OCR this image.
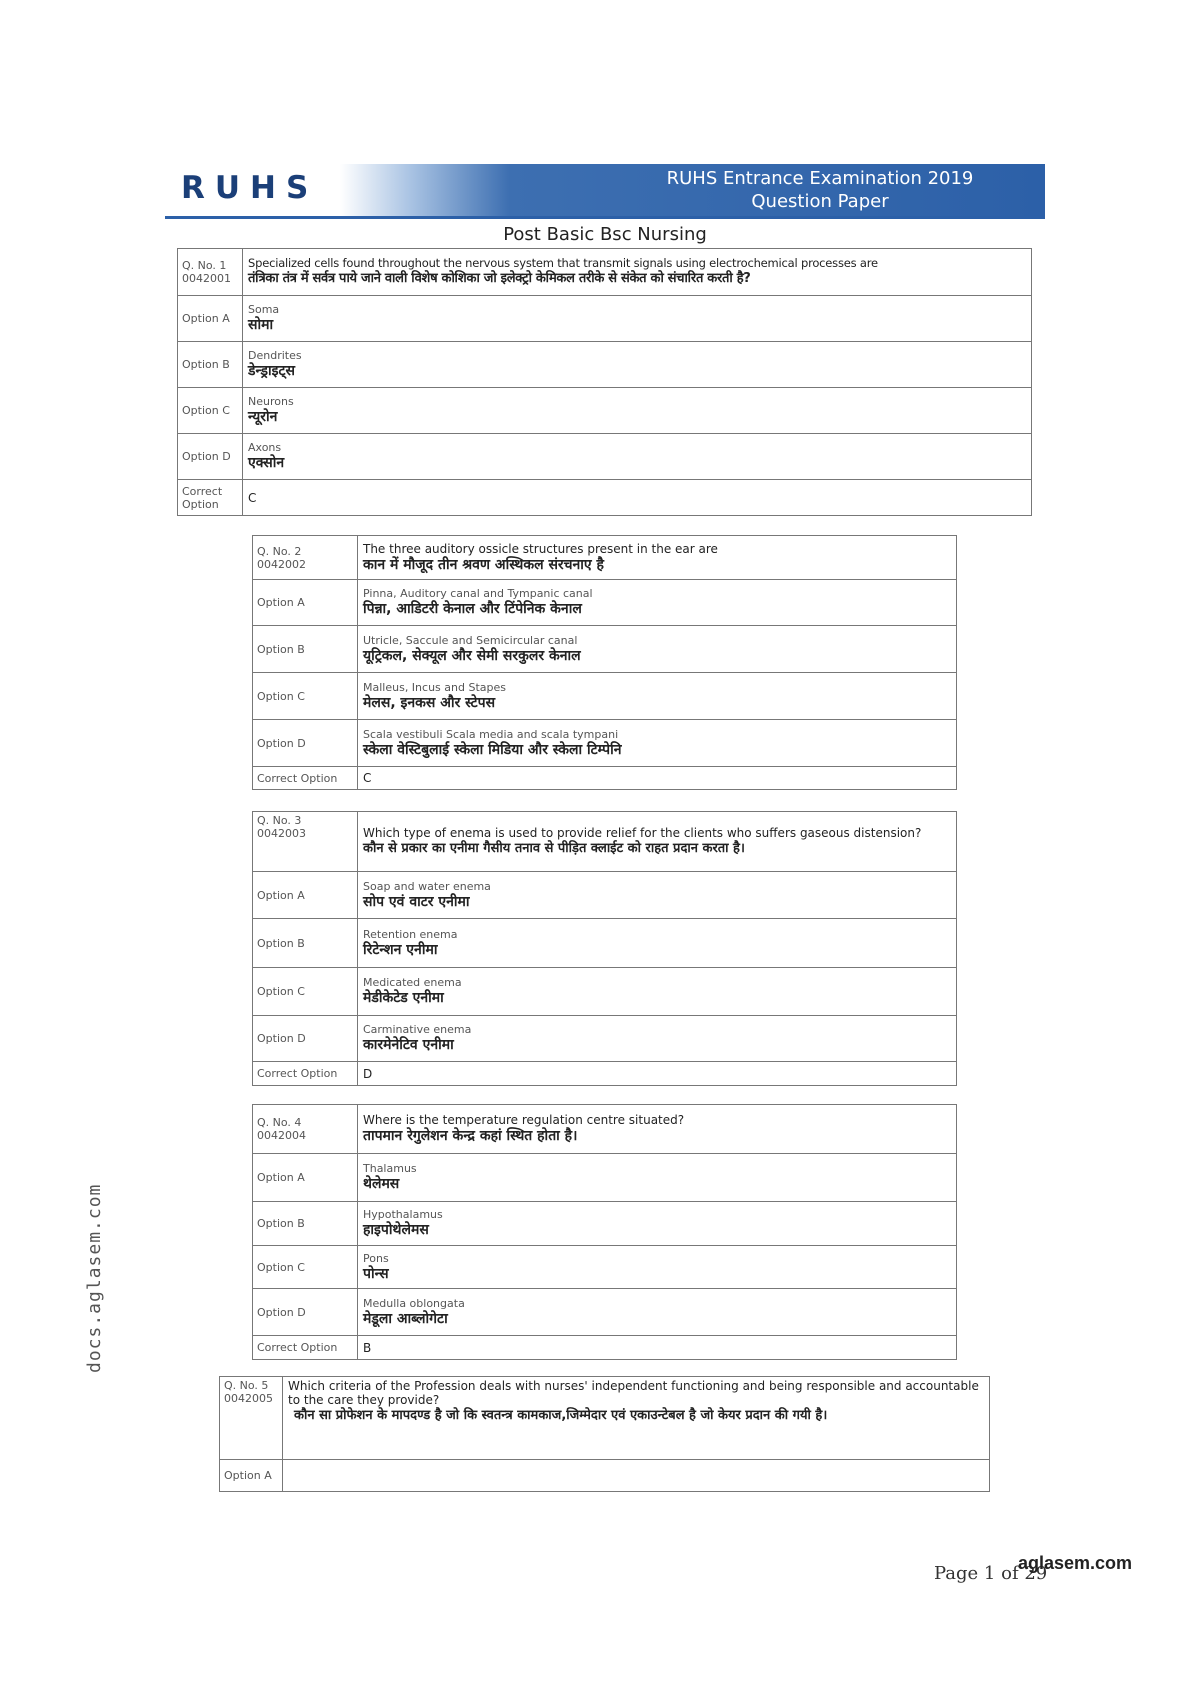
RUHS	RUHS Entrance Examination 2019
Question Paper
Post Basic Bsc Nursing
Q. No. 1
0042001	Specialized cells found throughout the nervous system that transmit signals using electrochemical processes are
तंत्रिका तंत्र में सर्वत्र पाये जाने वाली विशेष कोशिका जो इलेक्ट्रो केमिकल तरीके से संकेत को संचारित करती है?

Option A	Soma
सोमा

Option B	Dendrites
डेन्ड्राइट्स

Option C	Neurons
न्यूरोन

Option D	Axons
एक्सोन

Correct Option	C
Q. No. 2
0042002	The three auditory ossicle structures present in the ear are
कान में मौजूद तीन श्रवण अस्थिकल संरचनाए है

Option A	Pinna, Auditory canal and Tympanic canal
पिन्ना, आडिटरी केनाल और टिंपेनिक केनाल

Option B	Utricle, Saccule and Semicircular canal
यूट्रिकल, सेक्यूल और सेमी सरकुलर केनाल

Option C	Malleus, Incus and Stapes
मेलस, इनकस और स्टेपस

Option D	Scala vestibuli Scala media and scala tympani
स्केला वेस्टिबुलाई स्केला मिडिया और स्केला टिम्पेनि

Correct Option	C
Q. No. 3
0042003	Which type of enema is used to provide relief for the clients who suffers gaseous distension?
कौन से प्रकार का एनीमा गैसीय तनाव से पीड़ित क्लाईट को राहत प्रदान करता है।

Option A	Soap and water enema
सोप एवं वाटर एनीमा

Option B	Retention enema
रिटेन्शन एनीमा

Option C	Medicated enema
मेडीकेटेड एनीमा

Option D	Carminative enema
कारमेनेटिव एनीमा

Correct Option	D
Q. No. 4
0042004	Where is the temperature regulation centre situated?
तापमान रेगुलेशन केन्द्र कहां स्थित होता है।

Option A	Thalamus
थेलेमस

Option B	Hypothalamus
हाइपोथेलेमस

Option C	Pons
पोन्स

Option D	Medulla oblongata
मेडूला आब्लोगेटा

Correct Option	B
Q. No. 5
0042005	Which criteria of the Profession deals with nurses' independent functioning and being responsible and accountable to the care they provide?
कौन सा प्रोफेशन के मापदण्ड है जो कि स्वतन्त्र कामकाज,जिम्मेदार एवं एकाउन्टेबल है जो केयर प्रदान की गयी है।

Option A	
docs.aglasem.com
Page 1 of 29
aglasem.com
